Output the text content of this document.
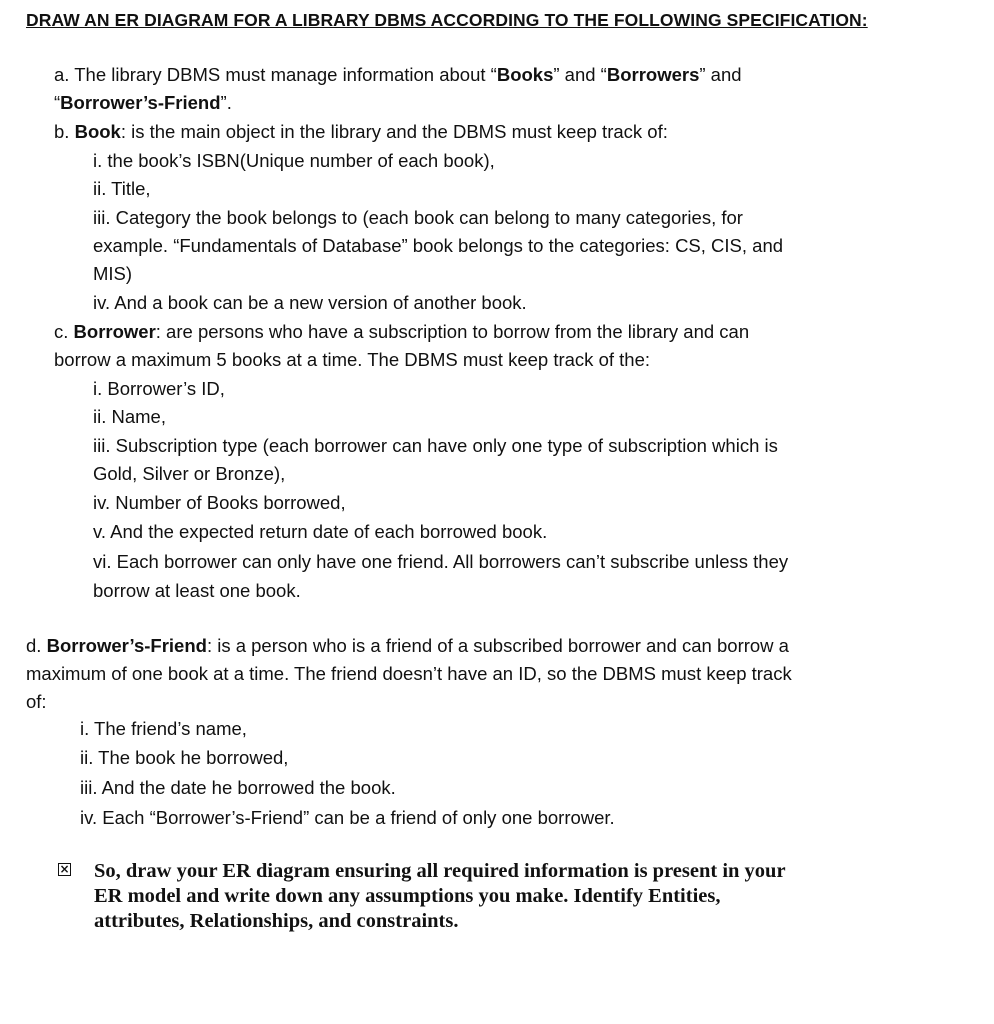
DRAW AN ER DIAGRAM FOR A LIBRARY DBMS ACCORDING TO THE FOLLOWING SPECIFICATION:
a. The library DBMS must manage information about “Books” and “Borrowers” and
“Borrower’s-Friend”.
b. Book: is the main object in the library and the DBMS must keep track of:
i. the book’s ISBN(Unique number of each book),
ii. Title,
iii. Category the book belongs to (each book can belong to many categories, for
example. “Fundamentals of Database” book belongs to the categories: CS, CIS, and
MIS)
iv. And a book can be a new version of another book.
c. Borrower: are persons who have a subscription to borrow from the library and can
borrow a maximum 5 books at a time. The DBMS must keep track of the:
i. Borrower’s ID,
ii. Name,
iii. Subscription type (each borrower can have only one type of subscription which is
Gold, Silver or Bronze),
iv. Number of Books borrowed,
v. And the expected return date of each borrowed book.
vi. Each borrower can only have one friend. All borrowers can’t subscribe unless they
borrow at least one book.
d. Borrower’s-Friend: is a person who is a friend of a subscribed borrower and can borrow a
maximum of one book at a time. The friend doesn’t have an ID, so the DBMS must keep track
of:
i. The friend’s name,
ii. The book he borrowed,
iii. And the date he borrowed the book.
iv. Each “Borrower’s-Friend” can be a friend of only one borrower.
× So, draw your ER diagram ensuring all required information is present in your
ER model and write down any assumptions you make. Identify Entities,
attributes, Relationships, and constraints.
